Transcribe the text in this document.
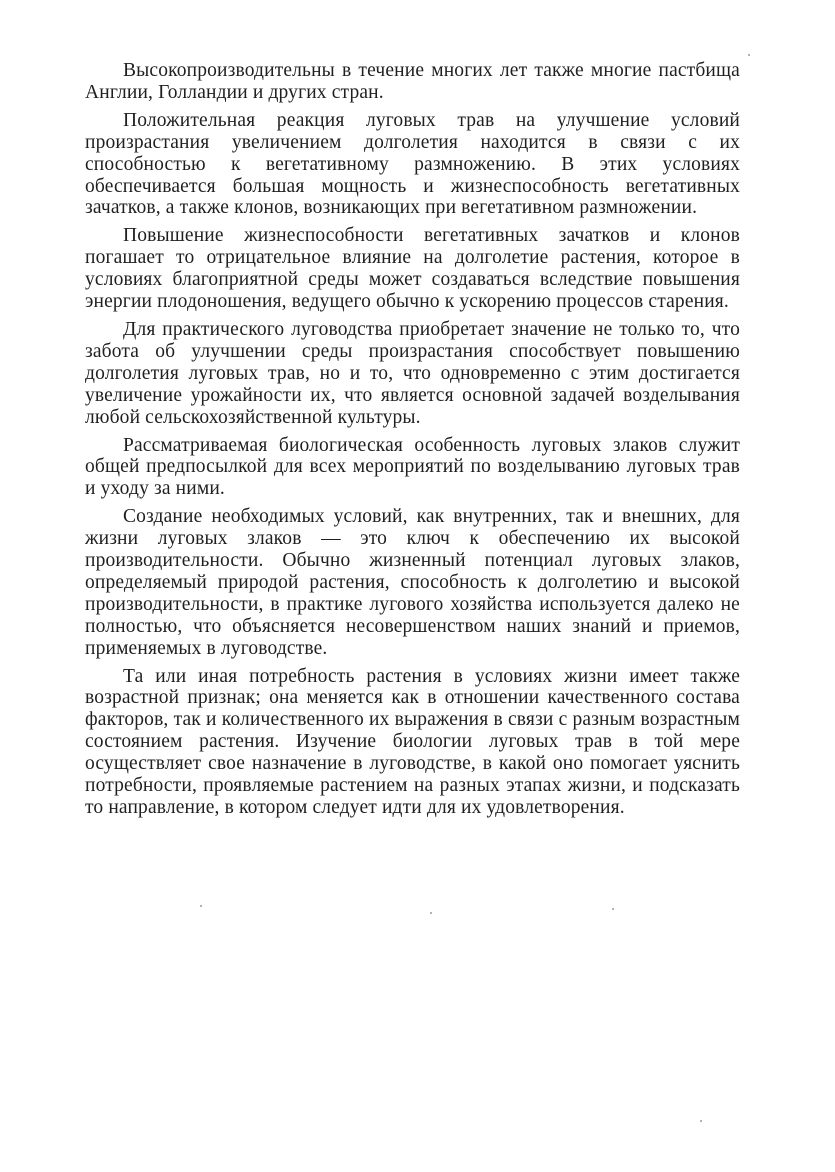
Высокопроизводительны в течение многих лет также многие пастбища Англии, Голландии и других стран.

Положительная реакция луговых трав на улучшение условий произрастания увеличением долголетия находится в связи с их способностью к вегетативному размножению. В этих условиях обеспечивается большая мощность и жизнеспособность вегетативных зачатков, а также клонов, возникающих при вегетативном размножении.

Повышение жизнеспособности вегетативных зачатков и клонов погашает то отрицательное влияние на долголетие растения, которое в условиях благоприятной среды может создаваться вследствие повышения энергии плодоношения, ведущего обычно к ускорению процессов старения.

Для практического луговодства приобретает значение не только то, что забота об улучшении среды произрастания способствует повышению долголетия луговых трав, но и то, что одновременно с этим достигается увеличение урожайности их, что является основной задачей возделывания любой сельскохозяйственной культуры.

Рассматриваемая биологическая особенность луговых злаков служит общей предпосылкой для всех мероприятий по возделыванию луговых трав и уходу за ними.

Создание необходимых условий, как внутренних, так и внешних, для жизни луговых злаков — это ключ к обеспечению их высокой производительности. Обычно жизненный потенциал луговых злаков, определяемый природой растения, способность к долголетию и высокой производительности, в практике лугового хозяйства используется далеко не полностью, что объясняется несовершенством наших знаний и приемов, применяемых в луговодстве.

Та или иная потребность растения в условиях жизни имеет также возрастной признак; она меняется как в отношении качественного состава факторов, так и количественного их выражения в связи с разным возрастным состоянием растения. Изучение биологии луговых трав в той мере осуществляет свое назначение в луговодстве, в какой оно помогает уяснить потребности, проявляемые растением на разных этапах жизни, и подсказать то направление, в котором следует идти для их удовлетворения.
